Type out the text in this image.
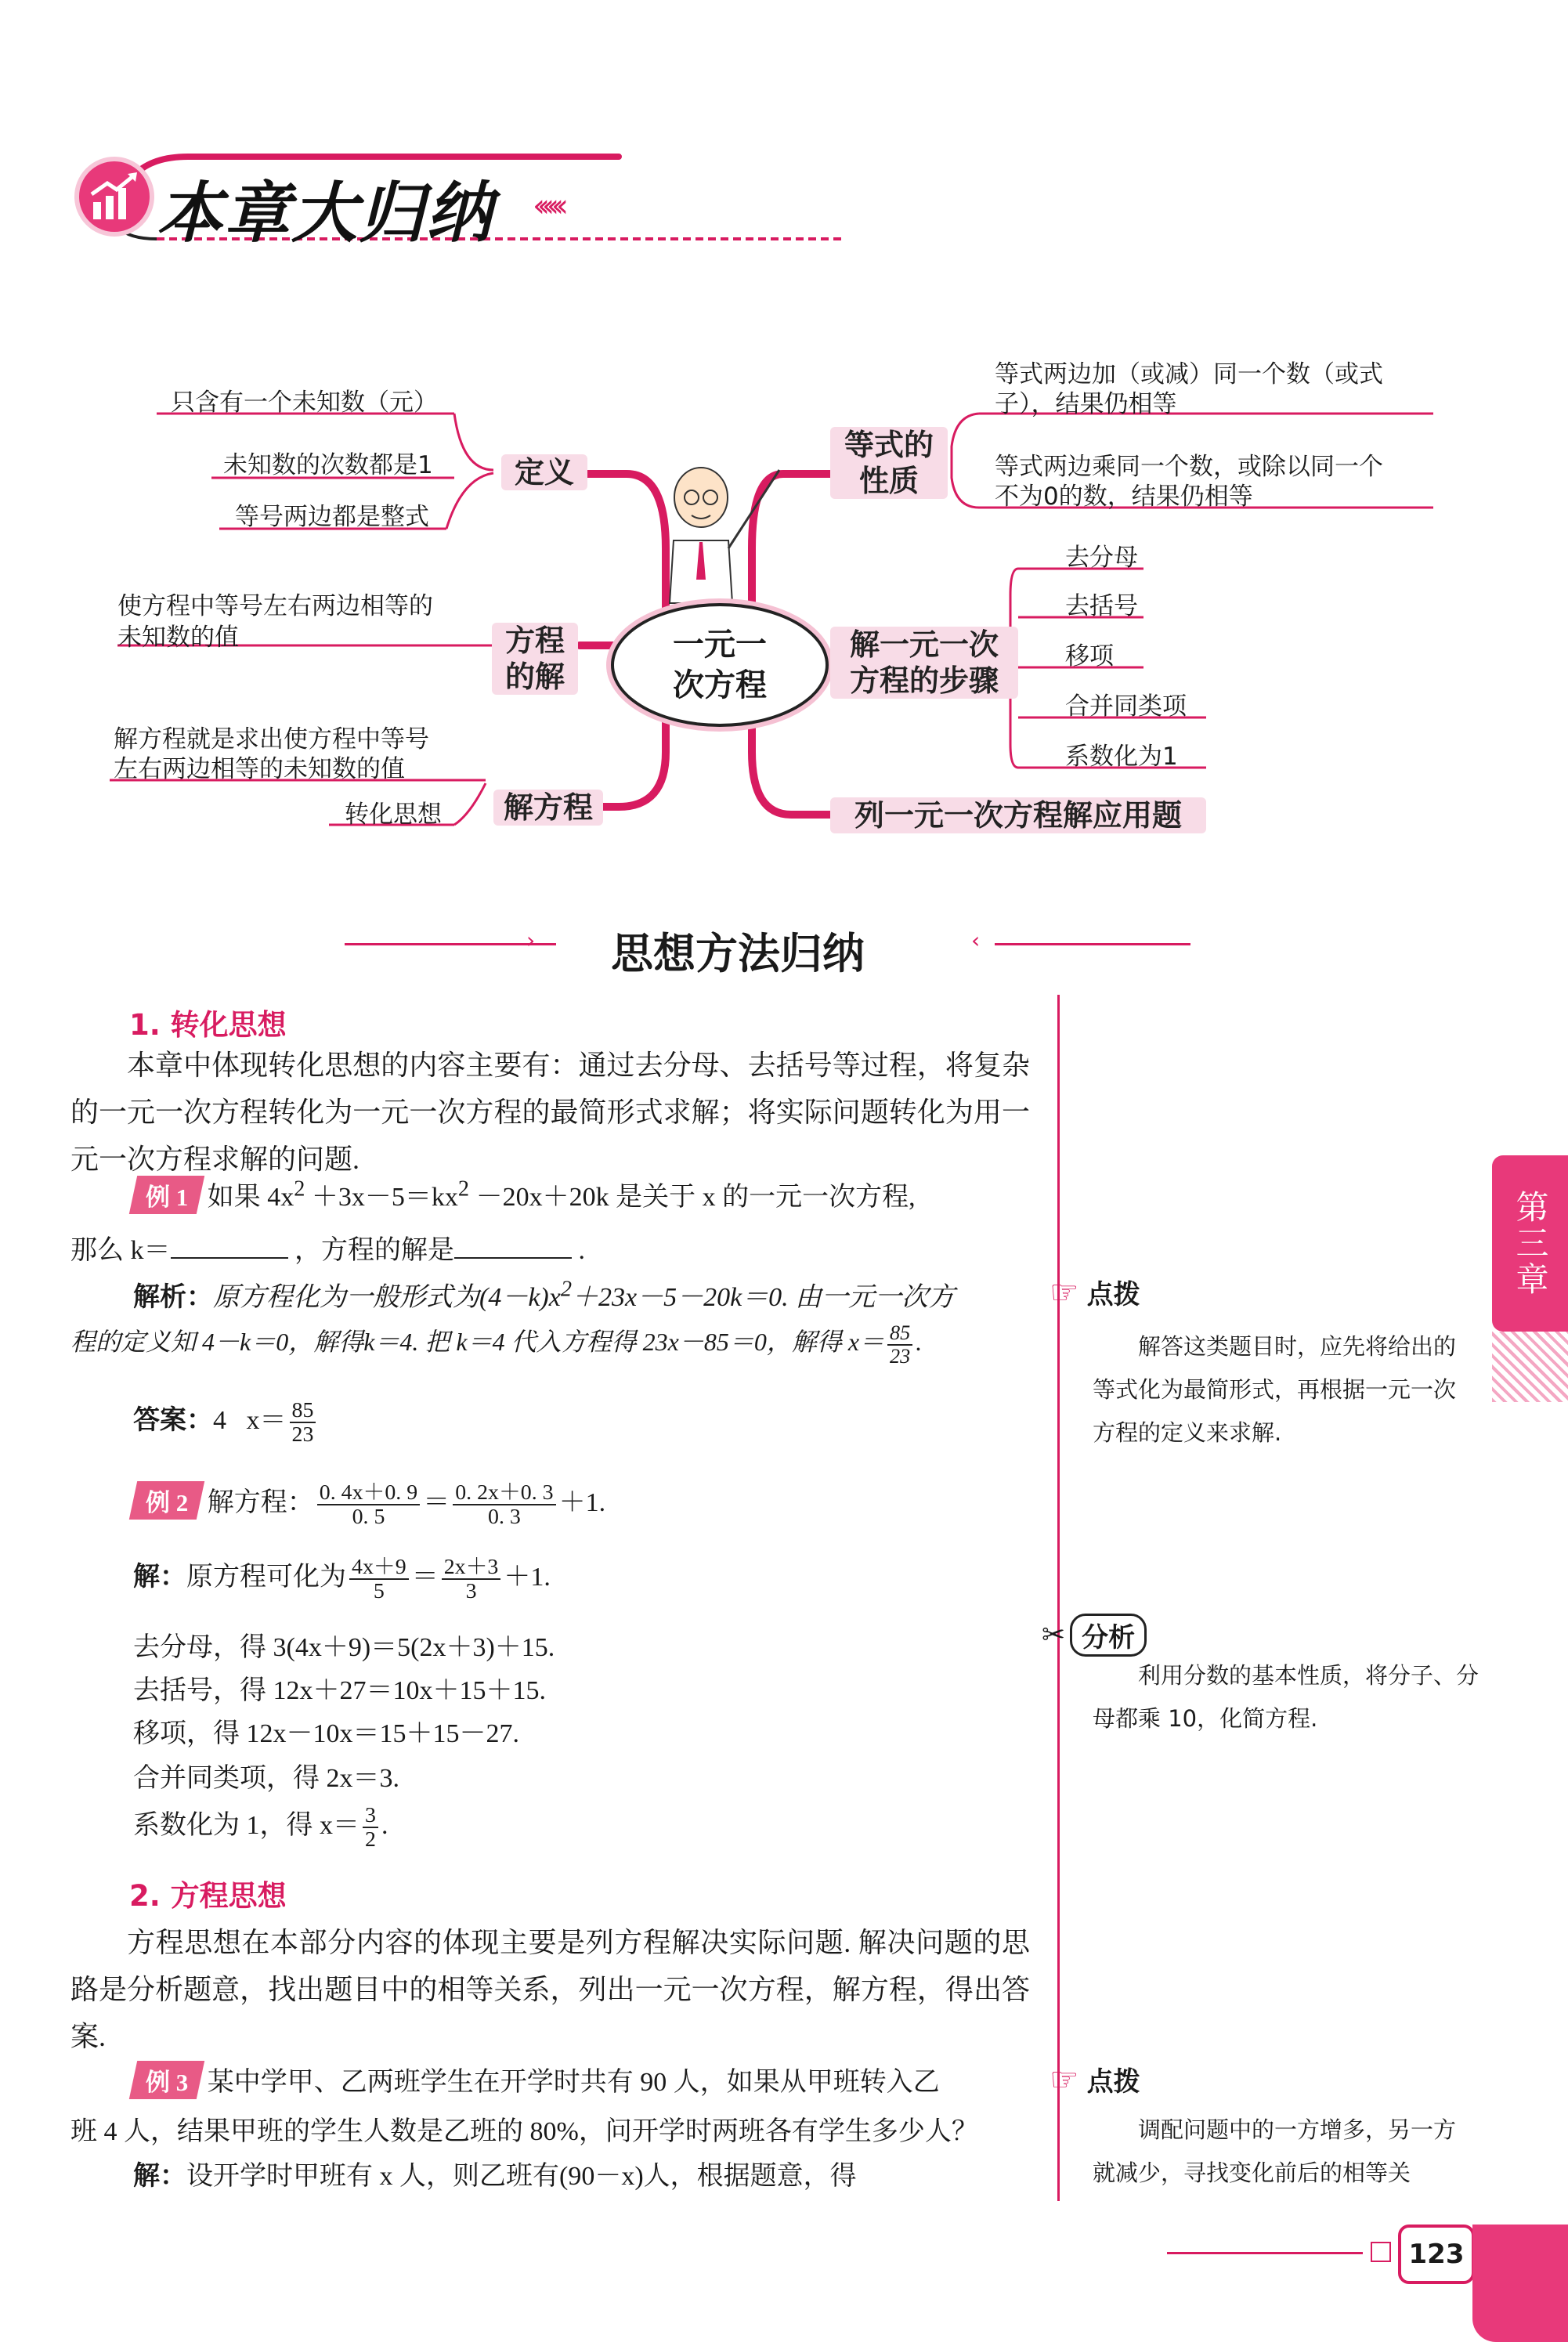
本章大归纳 ‹‹‹‹‹‹
一元一次方程
定义
只含有一个未知数（元）
未知数的次数都是1
等号两边都是整式
方程的解
使方程中等号左右两边相等的
未知数的值
解方程
解方程就是求出使方程中等号
左右两边相等的未知数的值
转化思想
等式的性质
等式两边加（或减）同一个数（或式
子），结果仍相等
等式两边乘同一个数，或除以同一个
不为0的数，结果仍相等
解一元一次方程的步骤
去分母
去括号
移项
合并同类项
系数化为1
列一元一次方程解应用题
› 思想方法归纳	‹
1. 转化思想
本章中体现转化思想的内容主要有：通过去分母、去括号等过程，将复杂的一元一次方程转化为一元一次方程的最简形式求解；将实际问题转化为用一元一次方程求解的问题.
例 1 如果 $4x^2 +3x-5=kx^2 -20x+20k$ 是关于 x 的一元一次方程,
那么 k＝	，方程的解是	.
解析：原方程化为一般形式为$(4-k)x^2+23x-5-20k=0$. 由一元一次方
程的定义知 4－k＝0，解得k＝4. 把 k＝4 代入方程得 23x－85＝0，解得 $x= \frac{85}{23}$ .
答案：4 $x= \frac{85}{23}$
例 2 解方程： $\frac{0. 4x+0. 9}{0. 5} = \frac{0. 2x+0. 3}{0. 3} +1$.
解：原方程可化为 $\frac{4x+9}{5} = \frac{2x+3}{3} +1$.
去分母，得 3(4x＋9)＝5(2x＋3)＋15.
去括号，得 12x＋27＝10x＋15＋15.
移项，得 12x－10x＝15＋15－27.
合并同类项，得 2x＝3.
系数化为 1，得 $x= \frac{3}{2}$ .
2. 方程思想
方程思想在本部分内容的体现主要是列方程解决实际问题. 解决问题的思路是分析题意，找出题目中的相等关系，列出一元一次方程，解方程，得出答案.
例 3 某中学甲、乙两班学生在开学时共有 90 人，如果从甲班转入乙
班 4 人，结果甲班的学生人数是乙班的 80%，问开学时两班各有学生多少人？
解：设开学时甲班有 x 人，则乙班有(90－x)人，根据题意，得
☞ 点拨
解答这类题目时，应先将给出的等式化为最简形式，再根据一元一次方程的定义来求解.
✂ 分析
利用分数的基本性质，将分子、分母都乘 10，化简方程.
☞ 点拨
调配问题中的一方增多，另一方就减少，寻找变化前后的相等关
第三章
123
